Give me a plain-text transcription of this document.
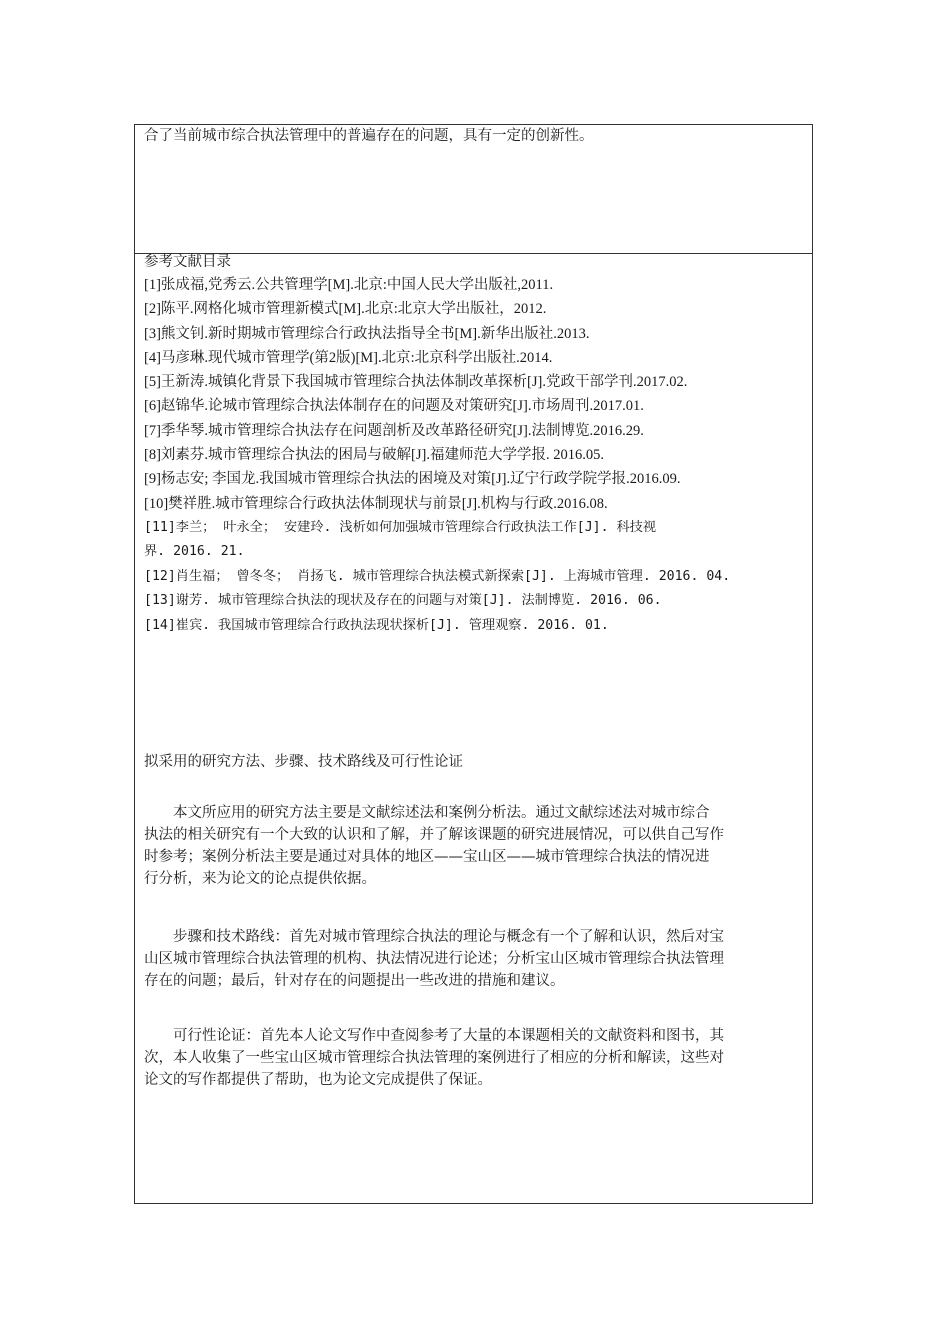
合了当前城市综合执法管理中的普遍存在的问题，具有一定的创新性。
参考文献目录
[1]张成福,党秀云.公共管理学[M].北京:中国人民大学出版社,2011.
[2]陈平.网格化城市管理新模式[M].北京:北京大学出版社，2012.
[3]熊文钊.新时期城市管理综合行政执法指导全书[M].新华出版社.2013.
[4]马彦琳.现代城市管理学(第2版)[M].北京:北京科学出版社.2014.
[5]王新涛.城镇化背景下我国城市管理综合执法体制改革探析[J].党政干部学刊.2017.02.
[6]赵锦华.论城市管理综合执法体制存在的问题及对策研究[J].市场周刊.2017.01.
[7]季华琴.城市管理综合执法存在问题剖析及改革路径研究[J].法制博览.2016.29.
[8]刘素芬.城市管理综合执法的困局与破解[J].福建师范大学学报. 2016.05.
[9]杨志安; 李国龙.我国城市管理综合执法的困境及对策[J].辽宁行政学院学报.2016.09.
[10]樊祥胜.城市管理综合行政执法体制现状与前景[J].机构与行政.2016.08.
[11]李兰； 叶永全； 安建玲. 浅析如何加强城市管理综合行政执法工作[J]. 科技视
界. 2016. 21.
[12]肖生福； 曾冬冬； 肖扬飞. 城市管理综合执法模式新探索[J]. 上海城市管理. 2016. 04.
[13]谢芳. 城市管理综合执法的现状及存在的问题与对策[J]. 法制博览. 2016. 06.
[14]崔宾. 我国城市管理综合行政执法现状探析[J]. 管理观察. 2016. 01.
拟采用的研究方法、步骤、技术路线及可行性论证
本文所应用的研究方法主要是文献综述法和案例分析法。通过文献综述法对城市综合
执法的相关研究有一个大致的认识和了解，并了解该课题的研究进展情况，可以供自己写作
时参考；案例分析法主要是通过对具体的地区——宝山区——城市管理综合执法的情况进
行分析，来为论文的论点提供依据。
步骤和技术路线：首先对城市管理综合执法的理论与概念有一个了解和认识，然后对宝
山区城市管理综合执法管理的机构、执法情况进行论述；分析宝山区城市管理综合执法管理
存在的问题；最后，针对存在的问题提出一些改进的措施和建议。
可行性论证：首先本人论文写作中查阅参考了大量的本课题相关的文献资料和图书，其
次，本人收集了一些宝山区城市管理综合执法管理的案例进行了相应的分析和解读，这些对
论文的写作都提供了帮助，也为论文完成提供了保证。
